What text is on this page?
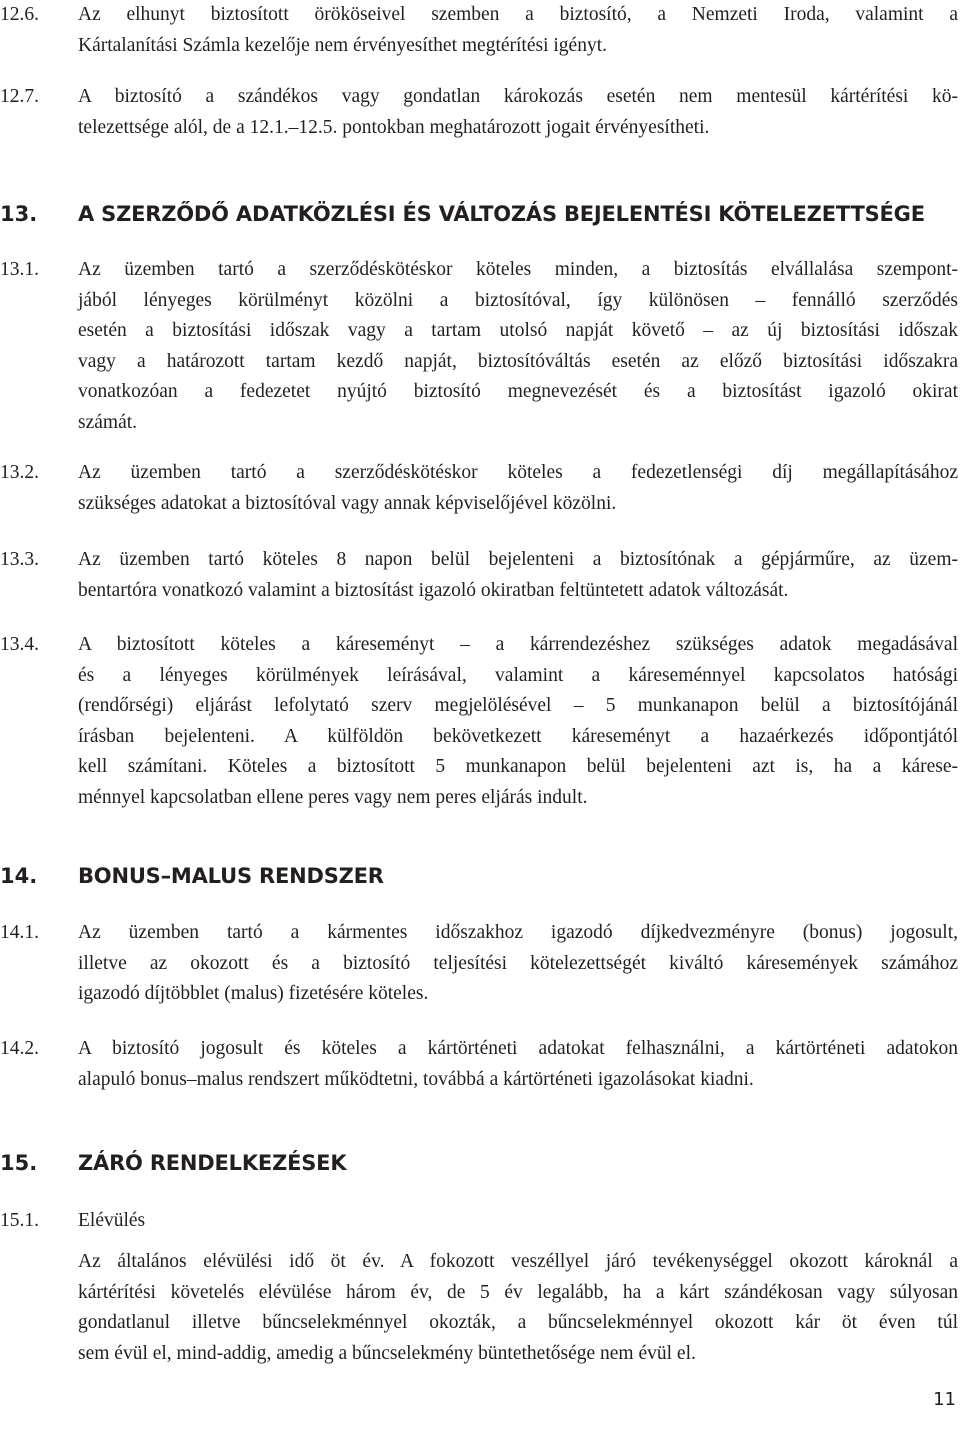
12.6.	Az elhunyt biztosított örököseivel szemben a biztosító, a Nemzeti Iroda, valamint a
Kártalanítási Számla kezelője nem érvényesíthet megtérítési igényt.
12.7.	A biztosító a szándékos vagy gondatlan károkozás esetén nem mentesül kártérítési kö-
telezettsége alól, de a 12.1.–12.5. pontokban meghatározott jogait érvényesítheti.
13.	A SZERZŐDŐ ADATKÖZLÉSI ÉS VÁLTOZÁS BEJELENTÉSI KÖTELEZETTSÉGE
13.1.	Az üzemben tartó a szerződéskötéskor köteles minden, a biztosítás elvállalása szempont-
jából lényeges körülményt közölni a biztosítóval, így különösen – fennálló szerződés
esetén a biztosítási időszak vagy a tartam utolsó napját követő – az új biztosítási időszak
vagy a határozott tartam kezdő napját, biztosítóváltás esetén az előző biztosítási időszakra
vonatkozóan a fedezetet nyújtó biztosító megnevezését és a biztosítást igazoló okirat
számát.
13.2.	Az üzemben tartó a szerződéskötéskor köteles a fedezetlenségi díj megállapításához
szükséges adatokat a biztosítóval vagy annak képviselőjével közölni.
13.3.	Az üzemben tartó köteles 8 napon belül bejelenteni a biztosítónak a gépjárműre, az üzem-
bentartóra vonatkozó valamint a biztosítást igazoló okiratban feltüntetett adatok változását.
13.4.	A biztosított köteles a káreseményt – a kárrendezéshez szükséges adatok megadásával
és a lényeges körülmények leírásával, valamint a káreseménnyel kapcsolatos hatósági
(rendőrségi) eljárást lefolytató szerv megjelölésével – 5 munkanapon belül a biztosítójánál
írásban bejelenteni. A külföldön bekövetkezett káreseményt a hazaérkezés időpontjától
kell számítani. Köteles a biztosított 5 munkanapon belül bejelenteni azt is, ha a kárese-
ménnyel kapcsolatban ellene peres vagy nem peres eljárás indult.
14.	BONUS–MALUS RENDSZER
14.1.	Az üzemben tartó a kármentes időszakhoz igazodó díjkedvezményre (bonus) jogosult,
illetve az okozott és a biztosító teljesítési kötelezettségét kiváltó káresemények számához
igazodó díjtöbblet (malus) fizetésére köteles.
14.2.	A biztosító jogosult és köteles a kártörténeti adatokat felhasználni, a kártörténeti adatokon
alapuló bonus–malus rendszert működtetni, továbbá a kártörténeti igazolásokat kiadni.
15.	ZÁRÓ RENDELKEZÉSEK
15.1.	Elévülés
Az általános elévülési idő öt év. A fokozott veszéllyel járó tevékenységgel okozott károknál a
kártérítési követelés elévülése három év, de 5 év legalább, ha a kárt szándékosan vagy súlyosan
gondatlanul illetve bűncselekménnyel okozták, a bűncselekménnyel okozott kár öt éven túl
sem évül el, mind-addig, amedig a bűncselekmény büntethetősége nem évül el.
11
